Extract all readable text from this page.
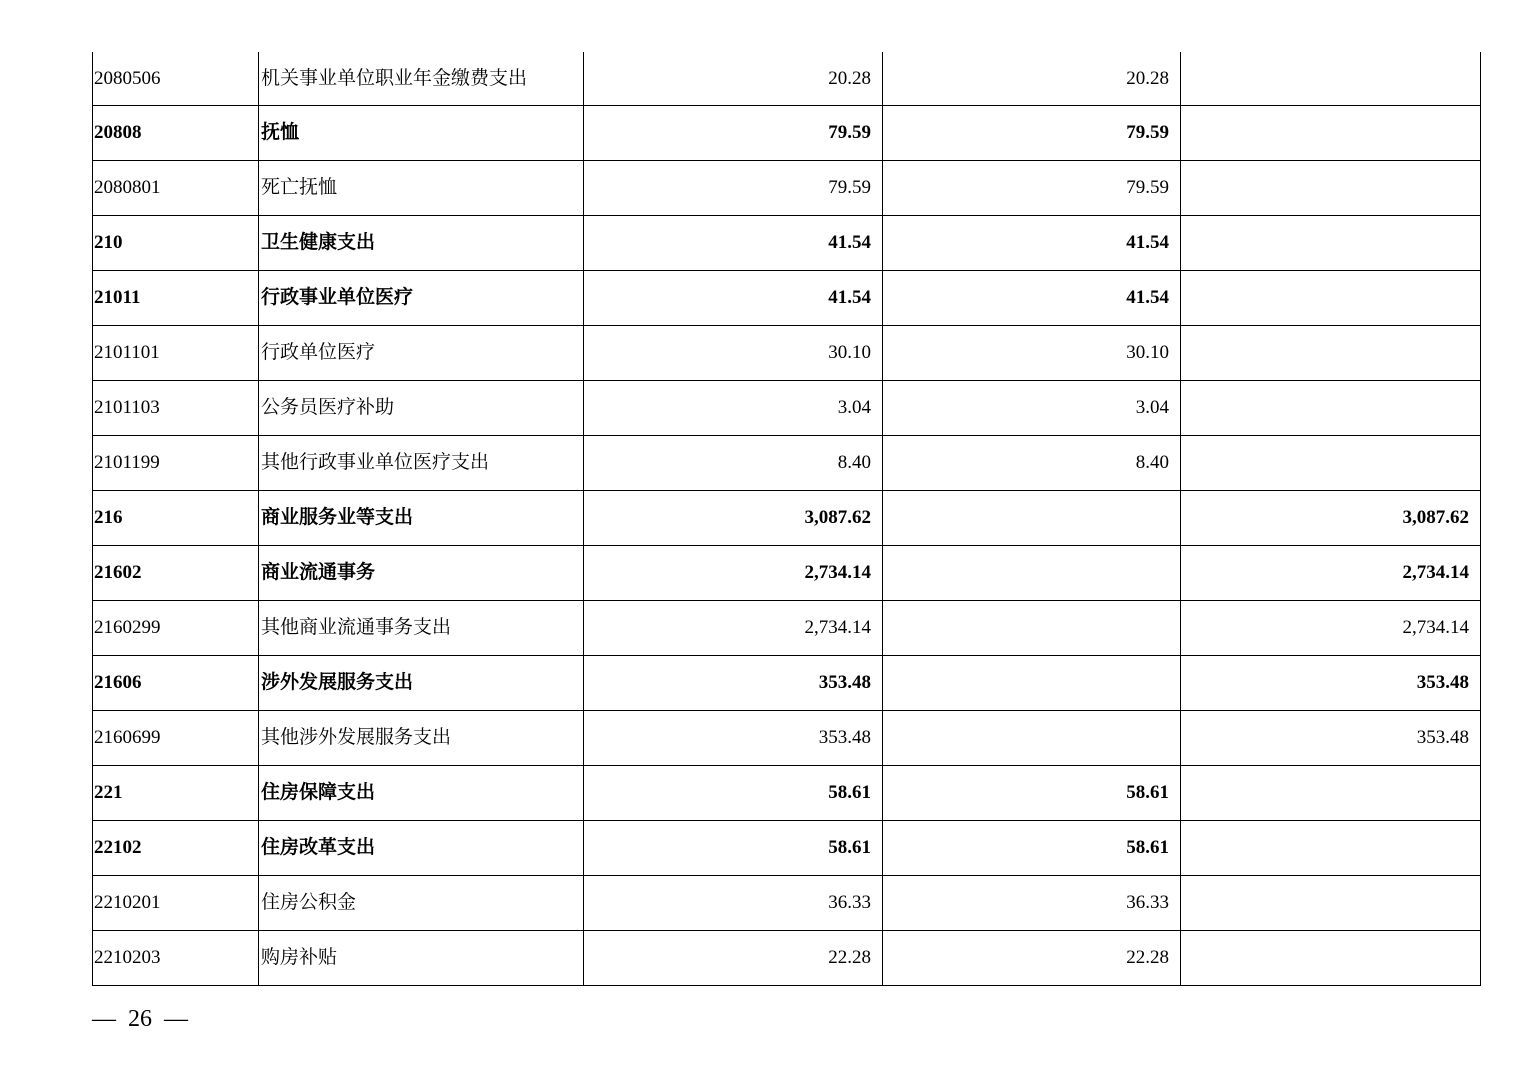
2080506	机关事业单位职业年金缴费支出	20.28	20.28	
20808	抚恤	79.59	79.59	
2080801	死亡抚恤	79.59	79.59	
210	卫生健康支出	41.54	41.54	
21011	行政事业单位医疗	41.54	41.54	
2101101	行政单位医疗	30.10	30.10	
2101103	公务员医疗补助	3.04	3.04	
2101199	其他行政事业单位医疗支出	8.40	8.40	
216	商业服务业等支出	3,087.62		3,087.62
21602	商业流通事务	2,734.14		2,734.14
2160299	其他商业流通事务支出	2,734.14		2,734.14
21606	涉外发展服务支出	353.48		353.48
2160699	其他涉外发展服务支出	353.48		353.48
221	住房保障支出	58.61	58.61	
22102	住房改革支出	58.61	58.61	
2210201	住房公积金	36.33	36.33	
2210203	购房补贴	22.28	22.28	
—  26  —
